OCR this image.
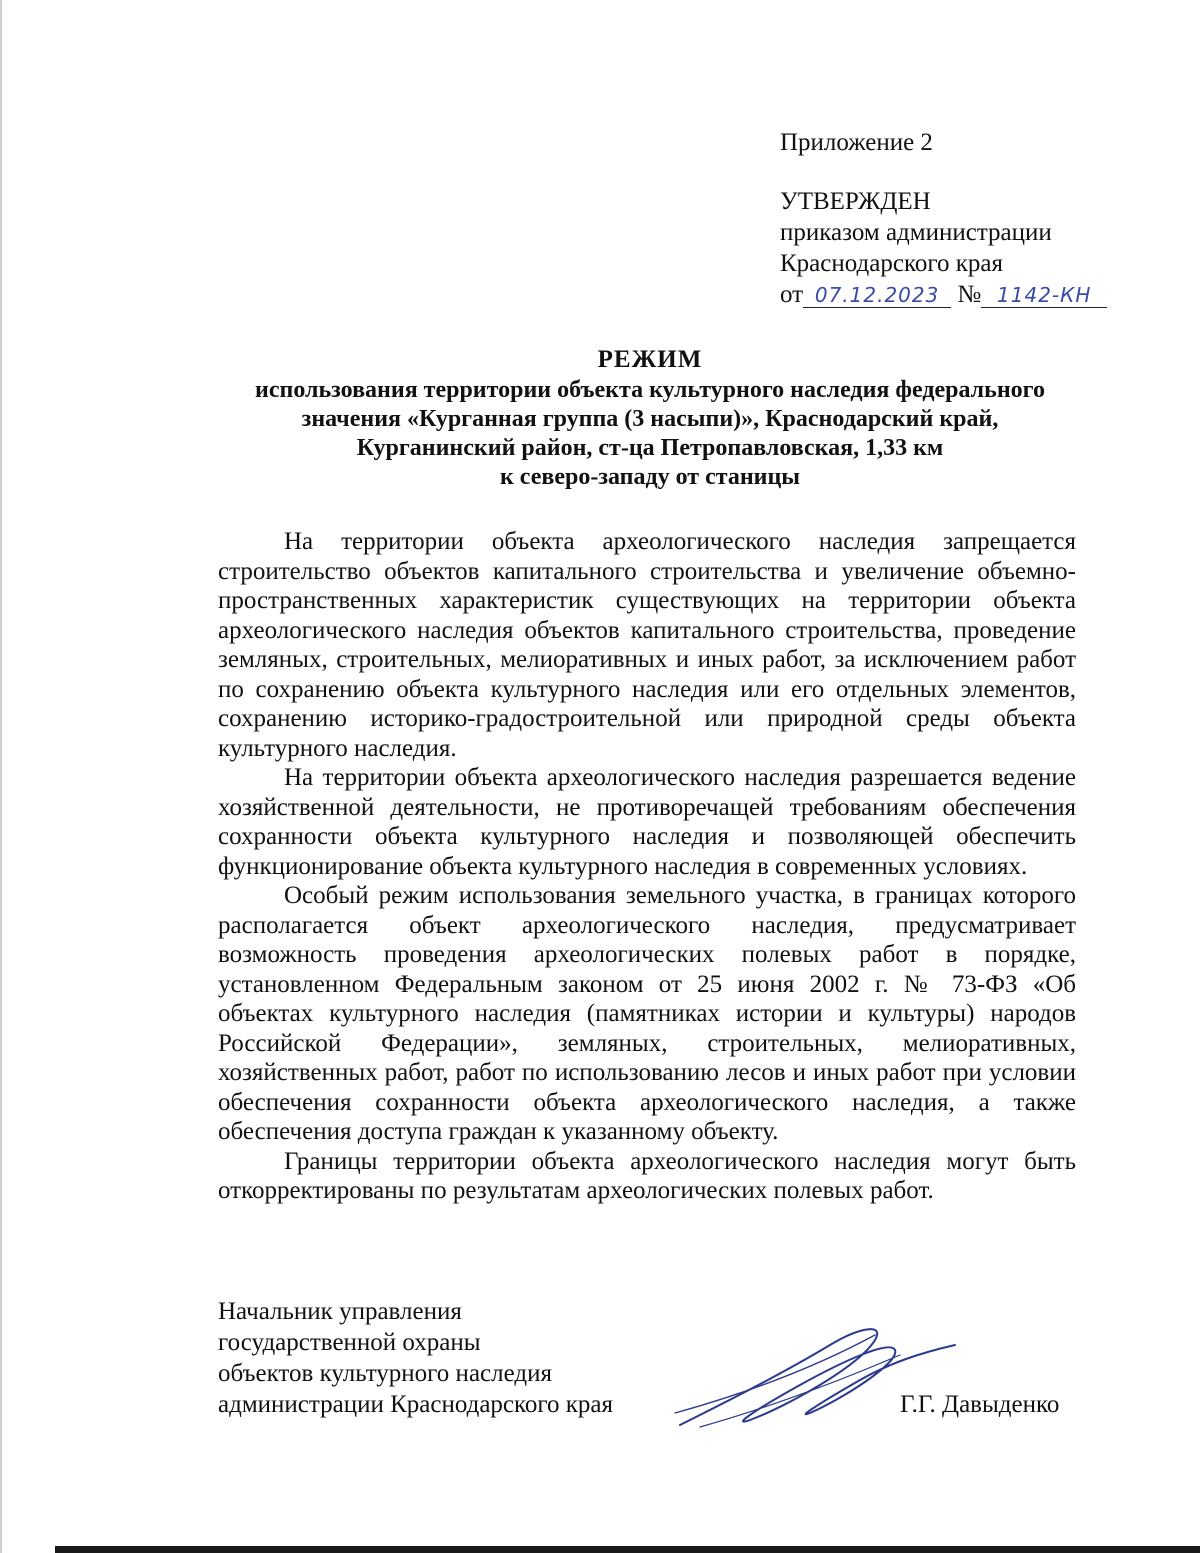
Приложение 2
УТВЕРЖДЕН
приказом администрации
Краснодарского края
от 07.12.2023 № 1142-КН
РЕЖИМ
использования территории объекта культурного наследия федерального
значения «Курганная группа (3 насыпи)», Краснодарский край,
Курганинский район, ст-ца Петропавловская, 1,33 км
к северо-западу от станицы

На территории объекта археологического наследия запрещается строительство объектов капитального строительства и увеличение объемно-пространственных характеристик существующих на территории объекта археологического наследия объектов капитального строительства, проведение земляных, строительных, мелиоративных и иных работ, за исключением работ по сохранению объекта культурного наследия или его отдельных элементов, сохранению историко-градостроительной или природной среды объекта культурного наследия.

На территории объекта археологического наследия разрешается ведение хозяйственной деятельности, не противоречащей требованиям обеспечения сохранности объекта культурного наследия и позволяющей обеспечить функционирование объекта культурного наследия в современных условиях.

Особый режим использования земельного участка, в границах которого располагается объект археологического наследия, предусматривает возможность проведения археологических полевых работ в порядке, установленном Федеральным законом от 25 июня 2002 г. № 73-ФЗ «Об объектах культурного наследия (памятниках истории и культуры) народов Российской Федерации», земляных, строительных, мелиоративных, хозяйственных работ, работ по использованию лесов и иных работ при условии обеспечения сохранности объекта археологического наследия, а также обеспечения доступа граждан к указанному объекту.

Границы территории объекта археологического наследия могут быть откорректированы по результатам археологических полевых работ.

Начальник управления
государственной охраны
объектов культурного наследия
администрации Краснодарского края	Г.Г. Давыденко
